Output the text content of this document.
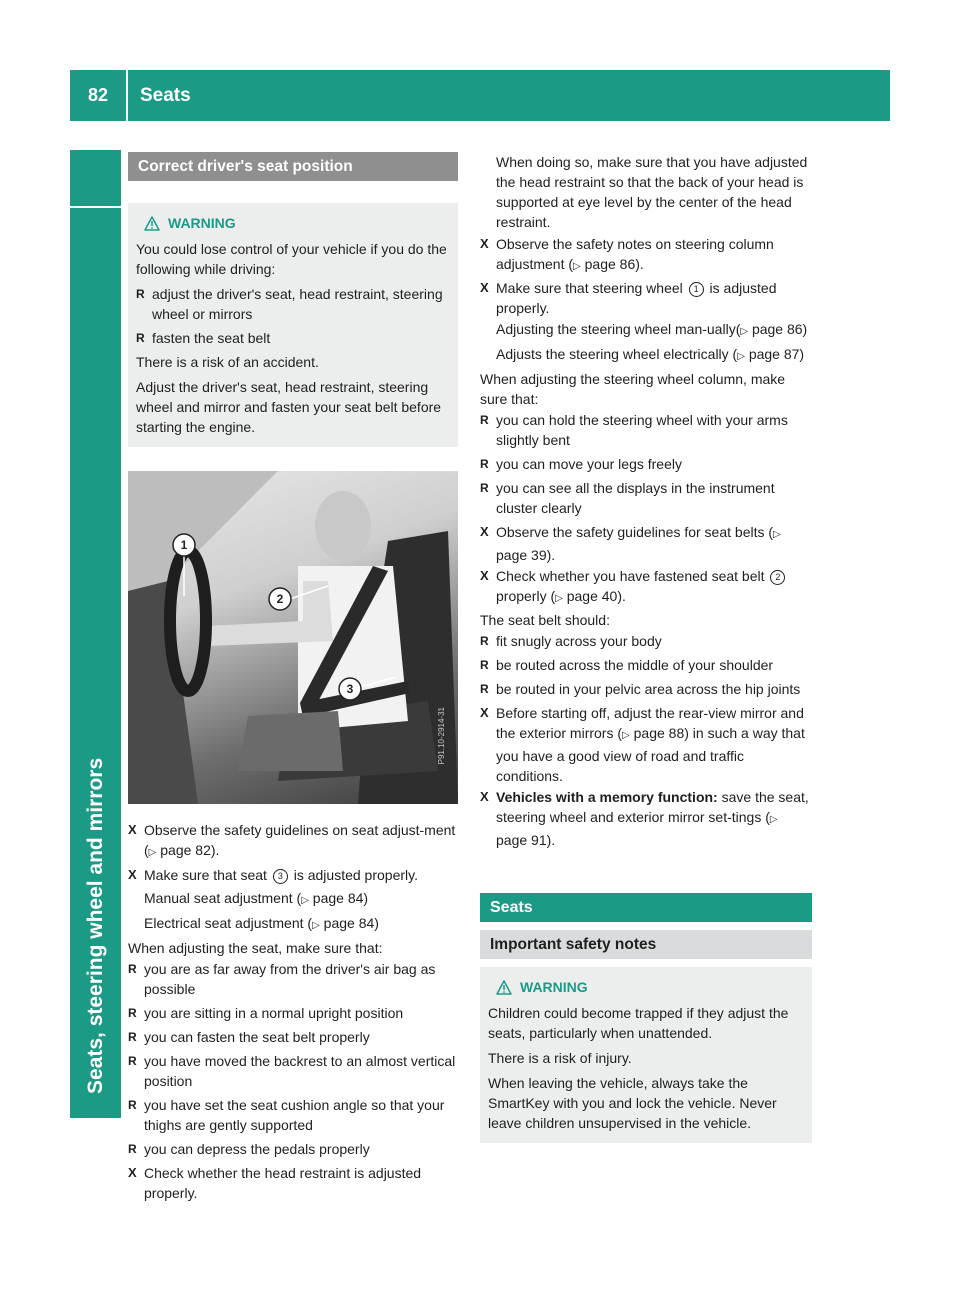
82	Seats
Seats, steering wheel and mirrors
Correct driver's seat position
WARNING
You could lose control of your vehicle if you do the following while driving:
R adjust the driver's seat, head restraint, steering wheel or mirrors
R fasten the seat belt
There is a risk of an accident.
Adjust the driver's seat, head restraint, steering wheel and mirror and fasten your seat belt before starting the engine.
1
2
3
P91.10-2914-31
X Observe the safety guidelines on seat adjust-ment (▷ page 82).
X Make sure that seat 3 is adjusted properly.
Manual seat adjustment (▷ page 84)
Electrical seat adjustment (▷ page 84)
When adjusting the seat, make sure that:
R you are as far away from the driver's air bag as possible
R you are sitting in a normal upright position
R you can fasten the seat belt properly
R you have moved the backrest to an almost vertical position
R you have set the seat cushion angle so that your thighs are gently supported
R you can depress the pedals properly
X Check whether the head restraint is adjusted properly.
When doing so, make sure that you have adjusted the head restraint so that the back of your head is supported at eye level by the center of the head restraint.
X Observe the safety notes on steering column adjustment (▷ page 86).
X Make sure that steering wheel 1 is adjusted properly.
Adjusting the steering wheel man-ually(▷ page 86)
Adjusts the steering wheel electrically (▷ page 87)
When adjusting the steering wheel column, make sure that:
R you can hold the steering wheel with your arms slightly bent
R you can move your legs freely
R you can see all the displays in the instrument cluster clearly
X Observe the safety guidelines for seat belts (▷ page 39).
X Check whether you have fastened seat belt 2 properly (▷ page 40).
The seat belt should:
R fit snugly across your body
R be routed across the middle of your shoulder
R be routed in your pelvic area across the hip joints
X Before starting off, adjust the rear-view mirror and the exterior mirrors (▷ page 88) in such a way that you have a good view of road and traffic conditions.
X Vehicles with a memory function: save the seat, steering wheel and exterior mirror set-tings (▷ page 91).
Seats
Important safety notes
WARNING
Children could become trapped if they adjust the seats, particularly when unattended.
There is a risk of injury.
When leaving the vehicle, always take the SmartKey with you and lock the vehicle. Never leave children unsupervised in the vehicle.
